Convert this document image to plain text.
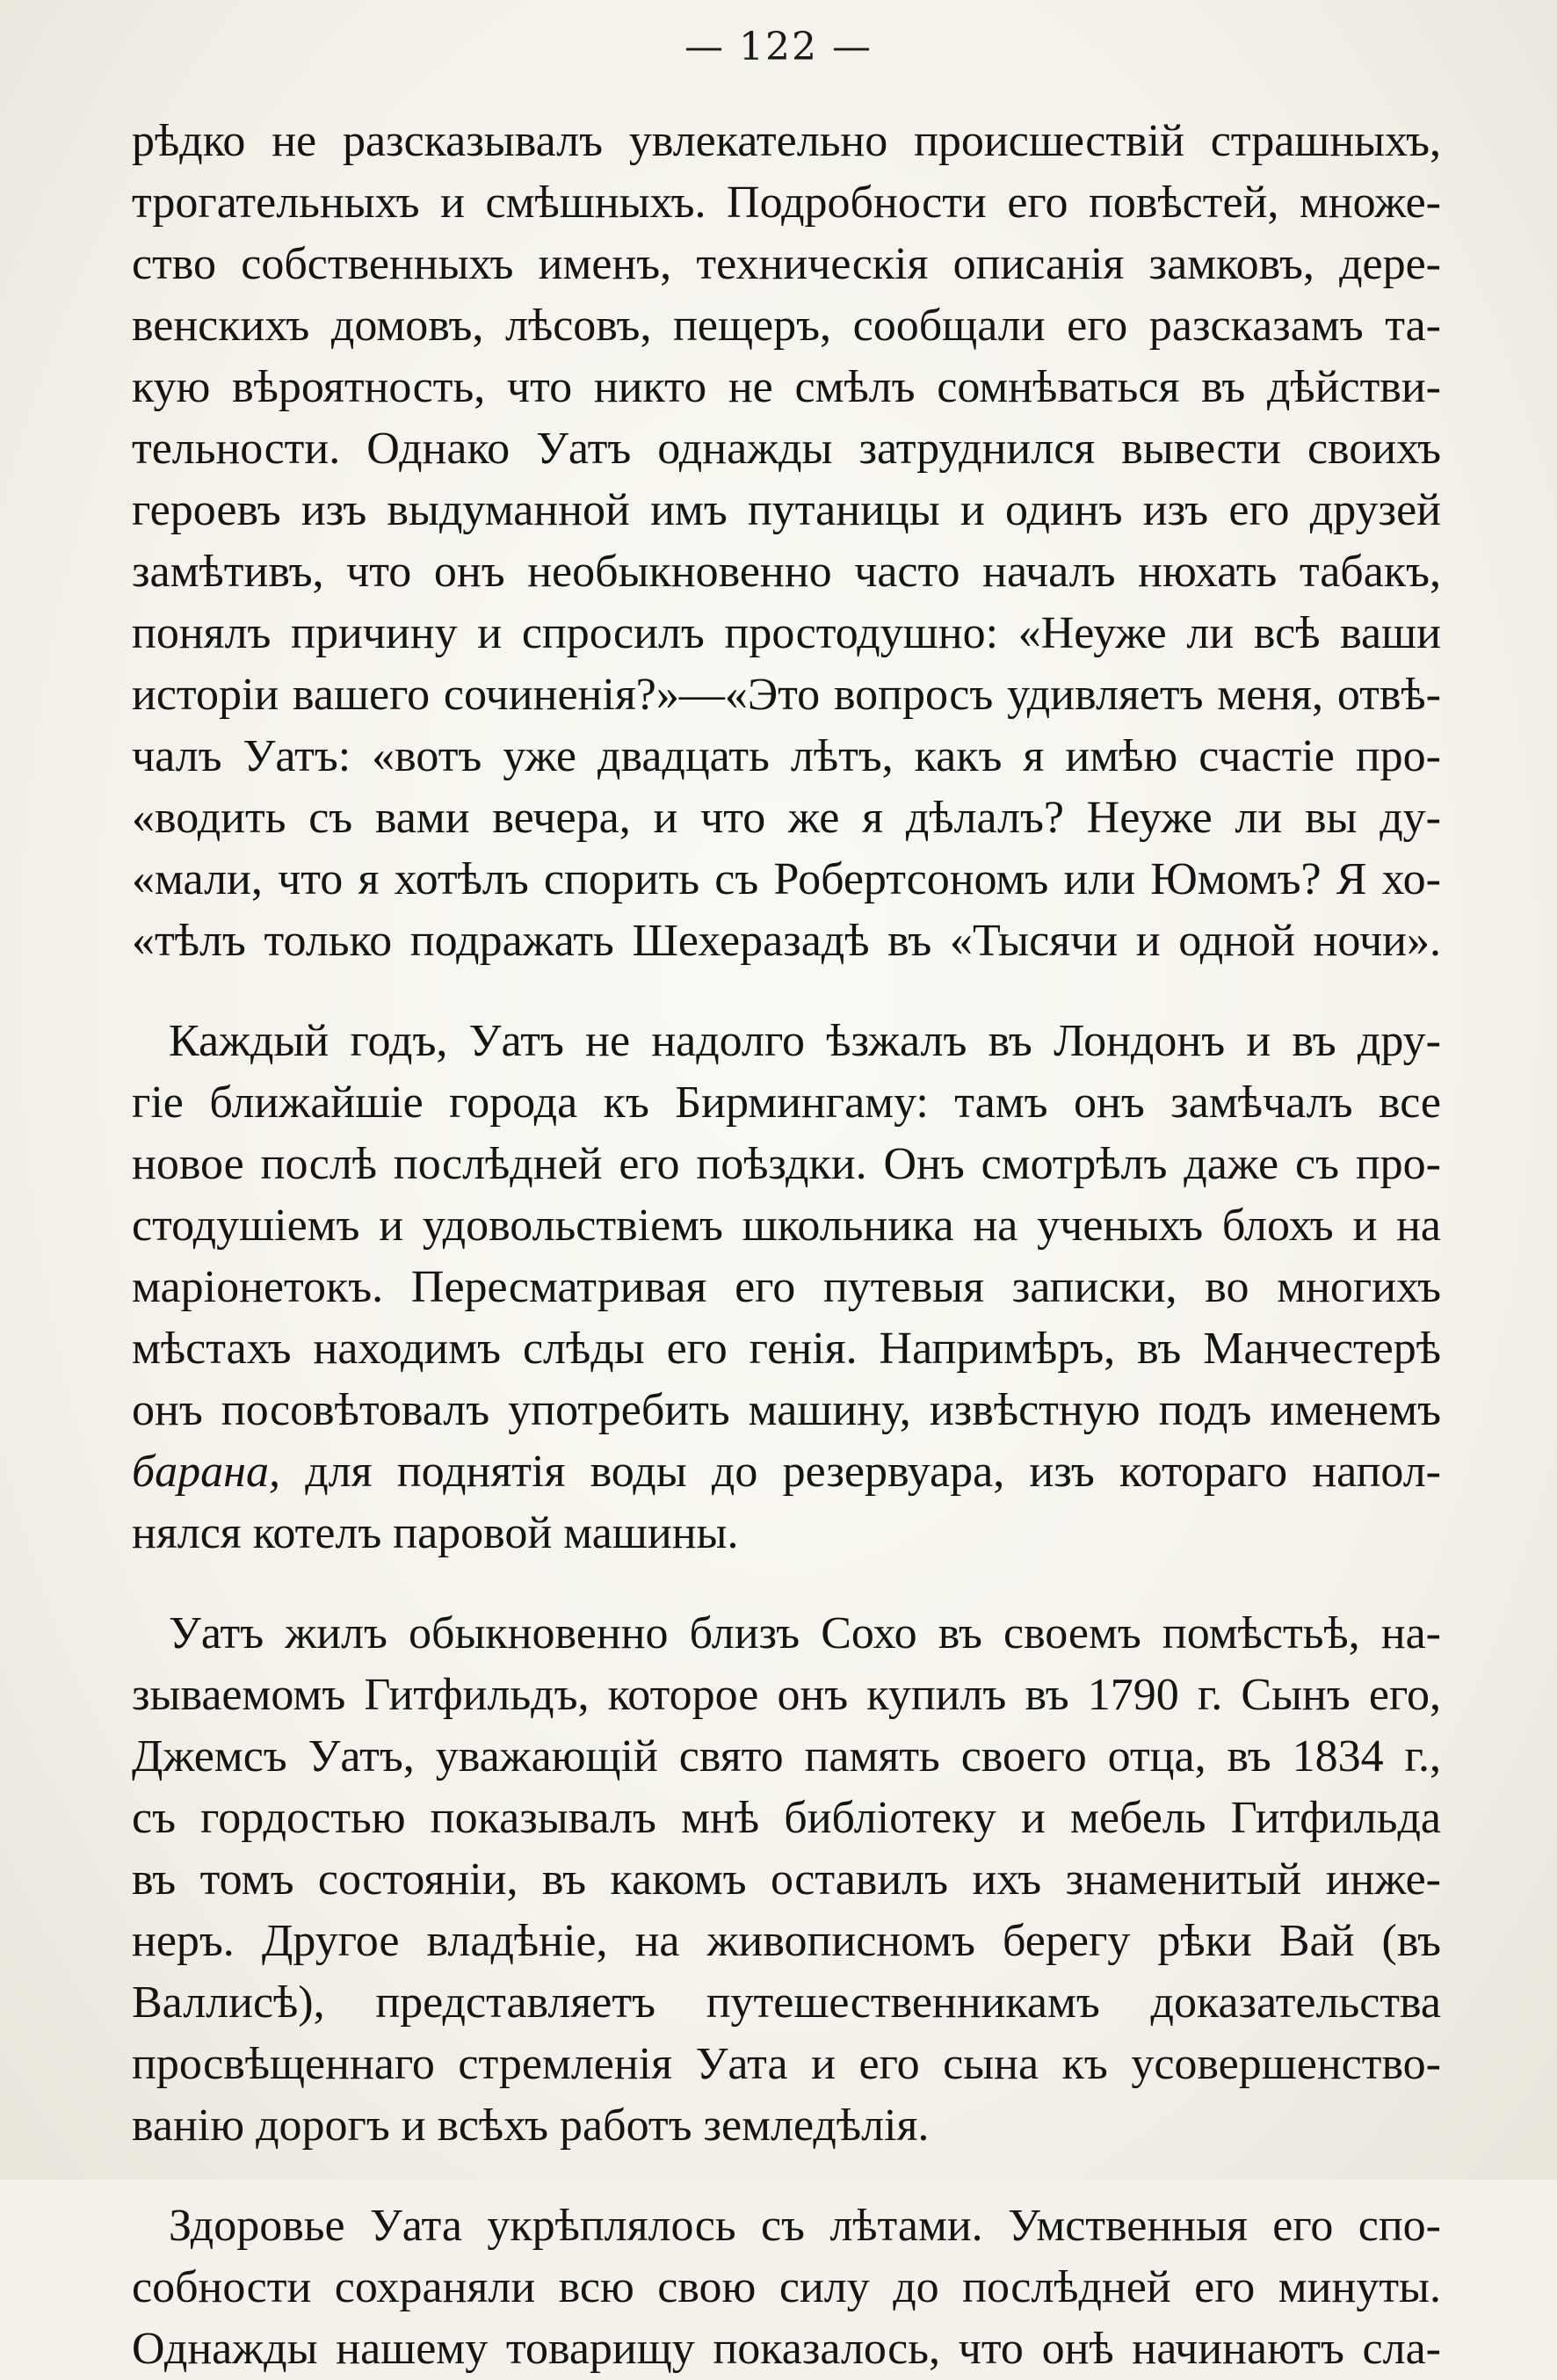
— 122 —
рѣдко не разсказывалъ увлекательно происшествій страшныхъ,
трогательныхъ и смѣшныхъ. Подробности его повѣстей, множе-
ство собственныхъ именъ, техническія описанія замковъ, дере-
венскихъ домовъ, лѣсовъ, пещеръ, сообщали его разсказамъ та-
кую вѣроятность, что никто не смѣлъ сомнѣваться въ дѣйстви-
тельности. Однако Уатъ однажды затруднился вывести своихъ
героевъ изъ выдуманной имъ путаницы и одинъ изъ его друзей
замѣтивъ, что онъ необыкновенно часто началъ нюхать табакъ,
понялъ причину и спросилъ простодушно: «Неуже ли всѣ ваши
исторіи вашего сочиненія?»—«Это вопросъ удивляетъ меня, отвѣ-
чалъ Уатъ: «вотъ уже двадцать лѣтъ, какъ я имѣю счастіе про-
«водить съ вами вечера, и что же я дѣлалъ? Неуже ли вы ду-
«мали, что я хотѣлъ спорить съ Робертсономъ или Юмомъ? Я хо-
«тѣлъ только подражать Шехеразадѣ въ «Тысячи и одной ночи».
Каждый годъ, Уатъ не надолго ѣзжалъ въ Лондонъ и въ дру-
гіе ближайшіе города къ Бирмингаму: тамъ онъ замѣчалъ все
новое послѣ послѣдней его поѣздки. Онъ смотрѣлъ даже съ про-
стодушіемъ и удовольствіемъ школьника на ученыхъ блохъ и на
маріонетокъ. Пересматривая его путевыя записки, во многихъ
мѣстахъ находимъ слѣды его генія. Напримѣръ, въ Манчестерѣ
онъ посовѣтовалъ употребить машину, извѣстную подъ именемъ
барана, для поднятія воды до резервуара, изъ котораго напол-
нялся котелъ паровой машины.
Уатъ жилъ обыкновенно близъ Сохо въ своемъ помѣстьѣ, на-
зываемомъ Гитфильдъ, которое онъ купилъ въ 1790 г. Сынъ его,
Джемсъ Уатъ, уважающій свято память своего отца, въ 1834 г.,
съ гордостью показывалъ мнѣ библіотеку и мебель Гитфильда
въ томъ состояніи, въ какомъ оставилъ ихъ знаменитый инже-
неръ. Другое владѣніе, на живописномъ берегу рѣки Вай (въ
Валлисѣ), представляетъ путешественникамъ доказательства
просвѣщеннаго стремленія Уата и его сына къ усовершенство-
ванію дорогъ и всѣхъ работъ земледѣлія.
Здоровье Уата укрѣплялось съ лѣтами. Умственныя его спо-
собности сохраняли всю свою силу до послѣдней его минуты.
Однажды нашему товарищу показалось, что онѣ начинаютъ сла-
